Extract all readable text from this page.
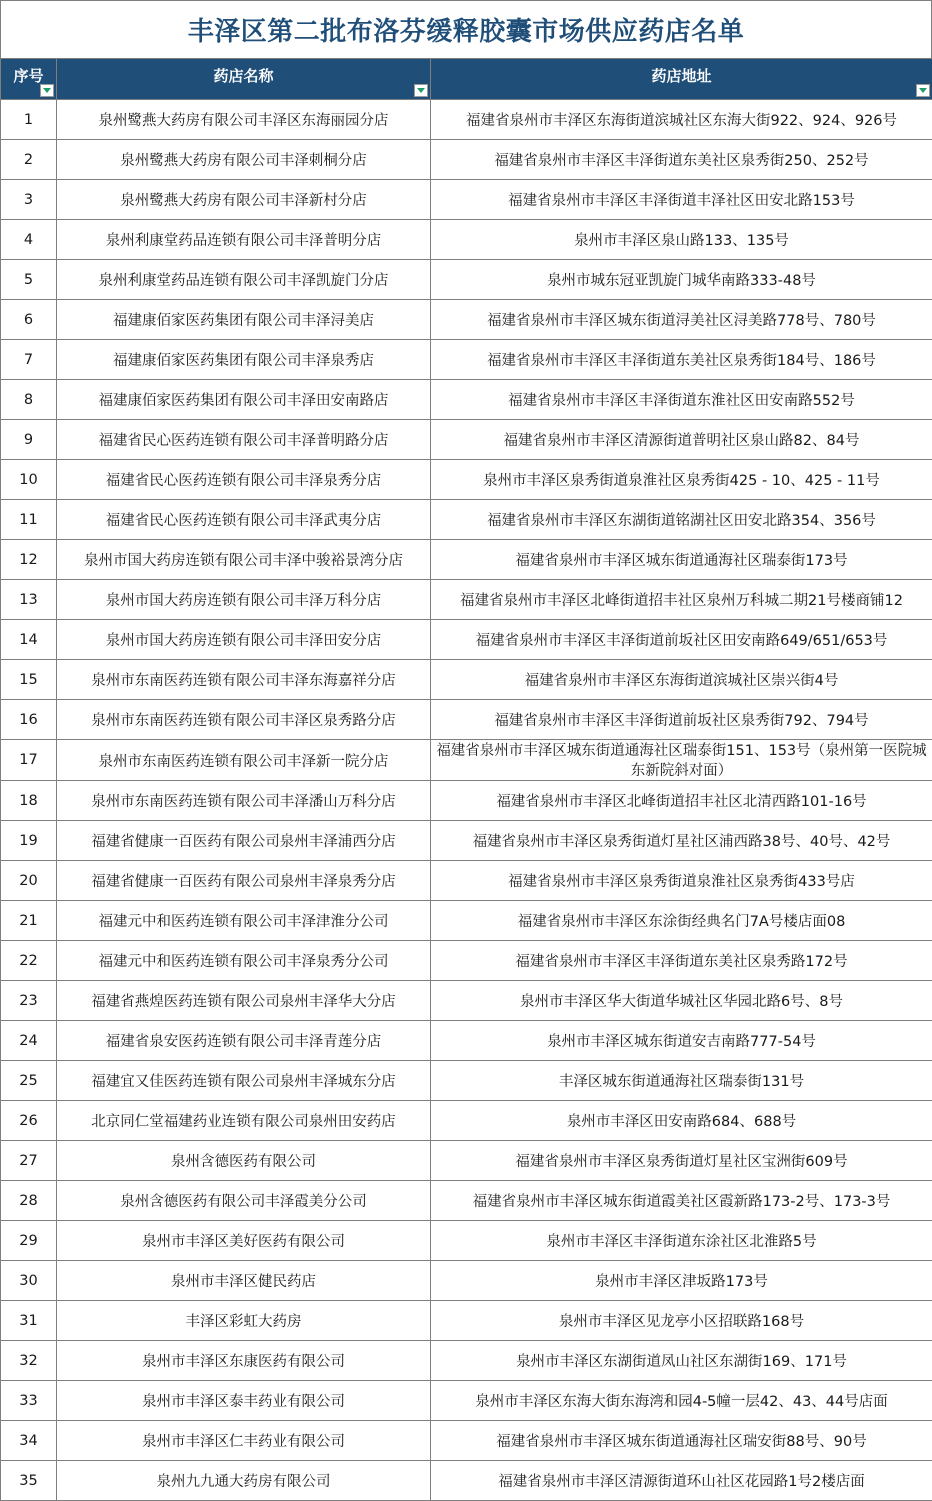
丰泽区第二批布洛芬缓释胶囊市场供应药店名单
序号	药店名称	药店地址

1	泉州鹭燕大药房有限公司丰泽区东海丽园分店	福建省泉州市丰泽区东海街道滨城社区东海大街922、924、926号
2	泉州鹭燕大药房有限公司丰泽刺桐分店	福建省泉州市丰泽区丰泽街道东美社区泉秀街250、252号
3	泉州鹭燕大药房有限公司丰泽新村分店	福建省泉州市丰泽区丰泽街道丰泽社区田安北路153号
4	泉州利康堂药品连锁有限公司丰泽普明分店	泉州市丰泽区泉山路133、135号
5	泉州利康堂药品连锁有限公司丰泽凯旋门分店	泉州市城东冠亚凯旋门城华南路333-48号
6	福建康佰家医药集团有限公司丰泽浔美店	福建省泉州市丰泽区城东街道浔美社区浔美路778号、780号
7	福建康佰家医药集团有限公司丰泽泉秀店	福建省泉州市丰泽区丰泽街道东美社区泉秀街184号、186号
8	福建康佰家医药集团有限公司丰泽田安南路店	福建省泉州市丰泽区丰泽街道东淮社区田安南路552号
9	福建省民心医药连锁有限公司丰泽普明路分店	福建省泉州市丰泽区清源街道普明社区泉山路82、84号
10	福建省民心医药连锁有限公司丰泽泉秀分店	泉州市丰泽区泉秀街道泉淮社区泉秀街425 - 10、425 - 11号
11	福建省民心医药连锁有限公司丰泽武夷分店	福建省泉州市丰泽区东湖街道铭湖社区田安北路354、356号
12	泉州市国大药房连锁有限公司丰泽中骏裕景湾分店	福建省泉州市丰泽区城东街道通海社区瑞泰街173号
13	泉州市国大药房连锁有限公司丰泽万科分店	福建省泉州市丰泽区北峰街道招丰社区泉州万科城二期21号楼商铺12
14	泉州市国大药房连锁有限公司丰泽田安分店	福建省泉州市丰泽区丰泽街道前坂社区田安南路649/651/653号
15	泉州市东南医药连锁有限公司丰泽东海嘉祥分店	福建省泉州市丰泽区东海街道滨城社区崇兴街4号
16	泉州市东南医药连锁有限公司丰泽区泉秀路分店	福建省泉州市丰泽区丰泽街道前坂社区泉秀街792、794号
17	泉州市东南医药连锁有限公司丰泽新一院分店	福建省泉州市丰泽区城东街道通海社区瑞泰街151、153号（泉州第一医院城东新院斜对面）

18	泉州市东南医药连锁有限公司丰泽潘山万科分店	福建省泉州市丰泽区北峰街道招丰社区北清西路101-16号
19	福建省健康一百医药有限公司泉州丰泽浦西分店	福建省泉州市丰泽区泉秀街道灯星社区浦西路38号、40号、42号
20	福建省健康一百医药有限公司泉州丰泽泉秀分店	福建省泉州市丰泽区泉秀街道泉淮社区泉秀街433号店
21	福建元中和医药连锁有限公司丰泽津淮分公司	福建省泉州市丰泽区东涂街经典名门7A号楼店面08
22	福建元中和医药连锁有限公司丰泽泉秀分公司	福建省泉州市丰泽区丰泽街道东美社区泉秀路172号
23	福建省燕煌医药连锁有限公司泉州丰泽华大分店	泉州市丰泽区华大街道华城社区华园北路6号、8号
24	福建省泉安医药连锁有限公司丰泽青莲分店	泉州市丰泽区城东街道安吉南路777-54号
25	福建宜又佳医药连锁有限公司泉州丰泽城东分店	丰泽区城东街道通海社区瑞泰街131号
26	北京同仁堂福建药业连锁有限公司泉州田安药店	泉州市丰泽区田安南路684、688号
27	泉州含德医药有限公司	福建省泉州市丰泽区泉秀街道灯星社区宝洲街609号
28	泉州含德医药有限公司丰泽霞美分公司	福建省泉州市丰泽区城东街道霞美社区霞新路173-2号、173-3号
29	泉州市丰泽区美好医药有限公司	泉州市丰泽区丰泽街道东涂社区北淮路5号
30	泉州市丰泽区健民药店	泉州市丰泽区津坂路173号
31	丰泽区彩虹大药房	泉州市丰泽区见龙亭小区招联路168号
32	泉州市丰泽区东康医药有限公司	泉州市丰泽区东湖街道凤山社区东湖街169、171号
33	泉州市丰泽区泰丰药业有限公司	泉州市丰泽区东海大街东海湾和园4-5幢一层42、43、44号店面
34	泉州市丰泽区仁丰药业有限公司	福建省泉州市丰泽区城东街道通海社区瑞安街88号、90号
35	泉州九九通大药房有限公司	福建省泉州市丰泽区清源街道环山社区花园路1号2楼店面
